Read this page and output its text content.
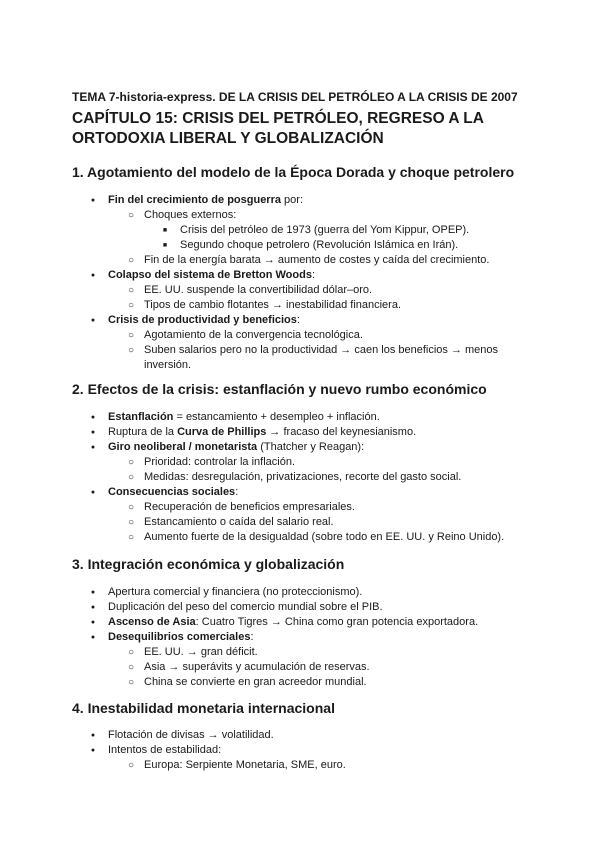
TEMA 7-historia-express. DE LA CRISIS DEL PETRÓLEO A LA CRISIS DE 2007
CAPÍTULO 15: CRISIS DEL PETRÓLEO, REGRESO A LA ORTODOXIA LIBERAL Y GLOBALIZACIÓN
1. Agotamiento del modelo de la Época Dorada y choque petrolero
●
Fin del crecimiento de posguerra por:
○
Choques externos:
■
Crisis del petróleo de 1973 (guerra del Yom Kippur, OPEP).
■
Segundo choque petrolero (Revolución Islámica en Irán).
○
Fin de la energía barata → aumento de costes y caída del crecimiento.
●
Colapso del sistema de Bretton Woods:
○
EE. UU. suspende la convertibilidad dólar–oro.
○
Tipos de cambio flotantes → inestabilidad financiera.
●
Crisis de productividad y beneficios:
○
Agotamiento de la convergencia tecnológica.
○
Suben salarios pero no la productividad → caen los beneficios → menos inversión.
2. Efectos de la crisis: estanflación y nuevo rumbo económico
●
Estanflación = estancamiento + desempleo + inflación.
●
Ruptura de la Curva de Phillips → fracaso del keynesianismo.
●
Giro neoliberal / monetarista (Thatcher y Reagan):
○
Prioridad: controlar la inflación.
○
Medidas: desregulación, privatizaciones, recorte del gasto social.
●
Consecuencias sociales:
○
Recuperación de beneficios empresariales.
○
Estancamiento o caída del salario real.
○
Aumento fuerte de la desigualdad (sobre todo en EE. UU. y Reino Unido).
3. Integración económica y globalización
●
Apertura comercial y financiera (no proteccionismo).
●
Duplicación del peso del comercio mundial sobre el PIB.
●
Ascenso de Asia: Cuatro Tigres → China como gran potencia exportadora.
●
Desequilibrios comerciales:
○
EE. UU. → gran déficit.
○
Asia → superávits y acumulación de reservas.
○
China se convierte en gran acreedor mundial.
4. Inestabilidad monetaria internacional
●
Flotación de divisas → volatilidad.
●
Intentos de estabilidad:
○
Europa: Serpiente Monetaria, SME, euro.
